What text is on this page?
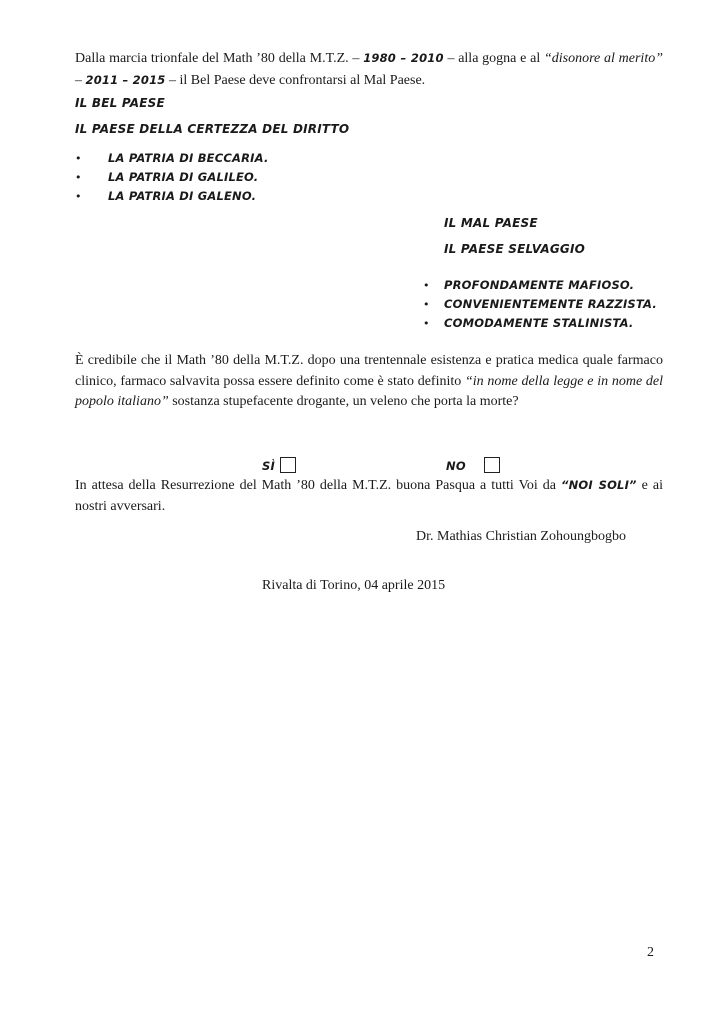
Dalla marcia trionfale del Math ’80 della M.T.Z. – 1980 – 2010 – alla gogna e al “disonore al merito” – 2011 – 2015 – il Bel Paese deve confrontarsi al Mal Paese.

IL BEL PAESE
IL PAESE DELLA CERTEZZA DEL DIRITTO
• LA PATRIA DI BECCARIA.
• LA PATRIA DI GALILEO.
• LA PATRIA DI GALENO.
IL MAL PAESE
IL PAESE SELVAGGIO
• PROFONDAMENTE MAFIOSO.
• CONVENIENTEMENTE RAZZISTA.
• COMODAMENTE STALINISTA.

È credibile che il Math ’80 della M.T.Z. dopo una trentennale esistenza e pratica medica quale farmaco clinico, farmaco salvavita possa essere definito come è stato definito “in nome della legge e in nome del popolo italiano” sostanza stupefacente drogante, un veleno che porta la morte?

SÌ	NO

In attesa della Resurrezione del Math ’80 della M.T.Z. buona Pasqua a tutti Voi da “NOI SOLI” e ai nostri avversari.

Dr. Mathias Christian Zohoungbogbo
Rivalta di Torino, 04 aprile 2015
2
